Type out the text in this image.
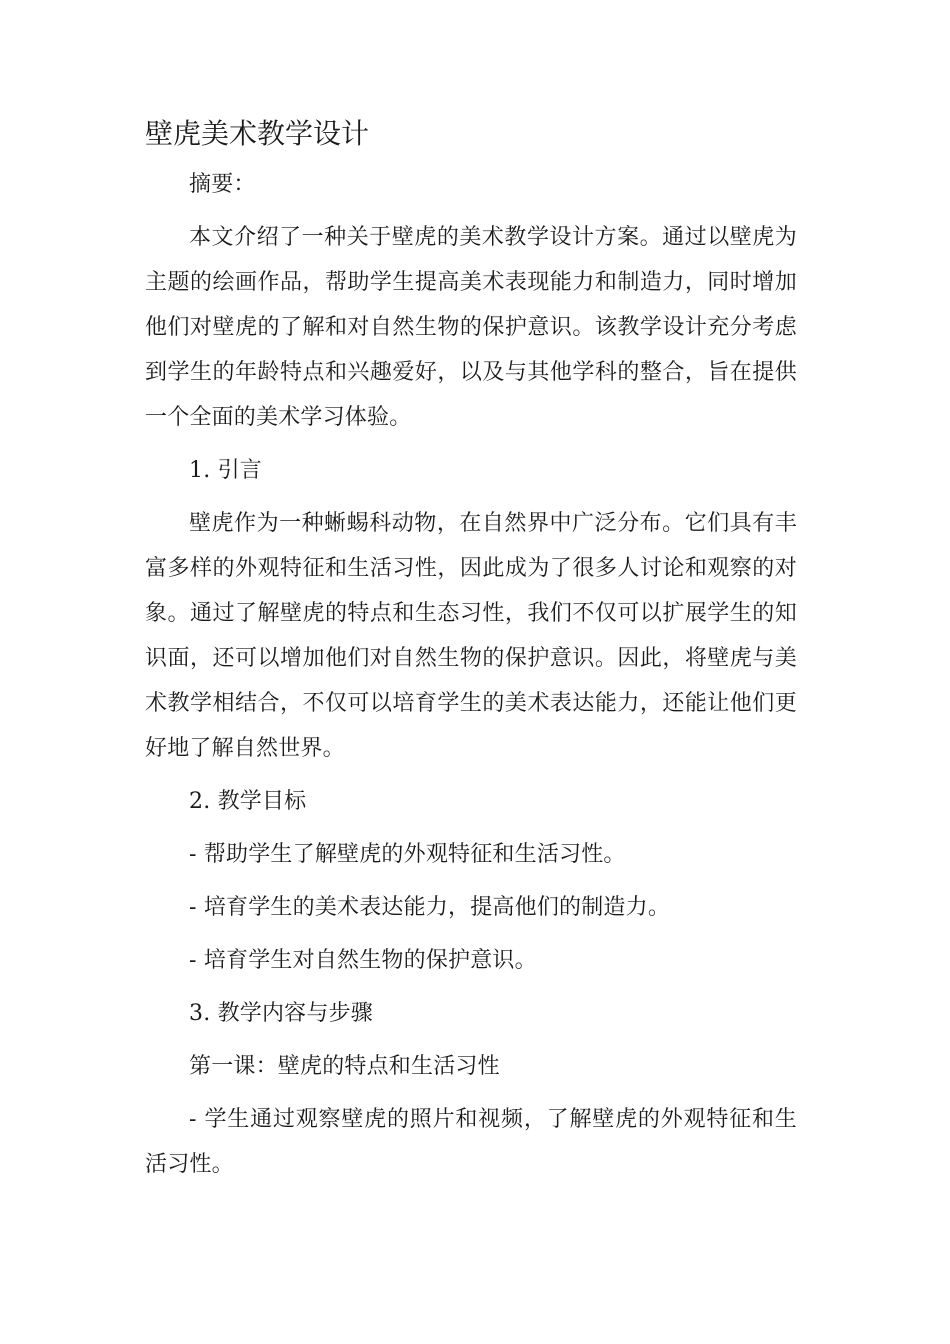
壁虎美术教学设计
摘要：
本文介绍了一种关于壁虎的美术教学设计方案。通过以壁虎为主题的绘画作品，帮助学生提高美术表现能力和制造力，同时增加他们对壁虎的了解和对自然生物的保护意识。该教学设计充分考虑到学生的年龄特点和兴趣爱好，以及与其他学科的整合，旨在提供一个全面的美术学习体验。
1. 引言
壁虎作为一种蜥蜴科动物，在自然界中广泛分布。它们具有丰富多样的外观特征和生活习性，因此成为了很多人讨论和观察的对象。通过了解壁虎的特点和生态习性，我们不仅可以扩展学生的知识面，还可以增加他们对自然生物的保护意识。因此，将壁虎与美术教学相结合，不仅可以培育学生的美术表达能力，还能让他们更好地了解自然世界。
2. 教学目标
- 帮助学生了解壁虎的外观特征和生活习性。
- 培育学生的美术表达能力，提高他们的制造力。
- 培育学生对自然生物的保护意识。
3. 教学内容与步骤
第一课：壁虎的特点和生活习性
- 学生通过观察壁虎的照片和视频，了解壁虎的外观特征和生活习性。
